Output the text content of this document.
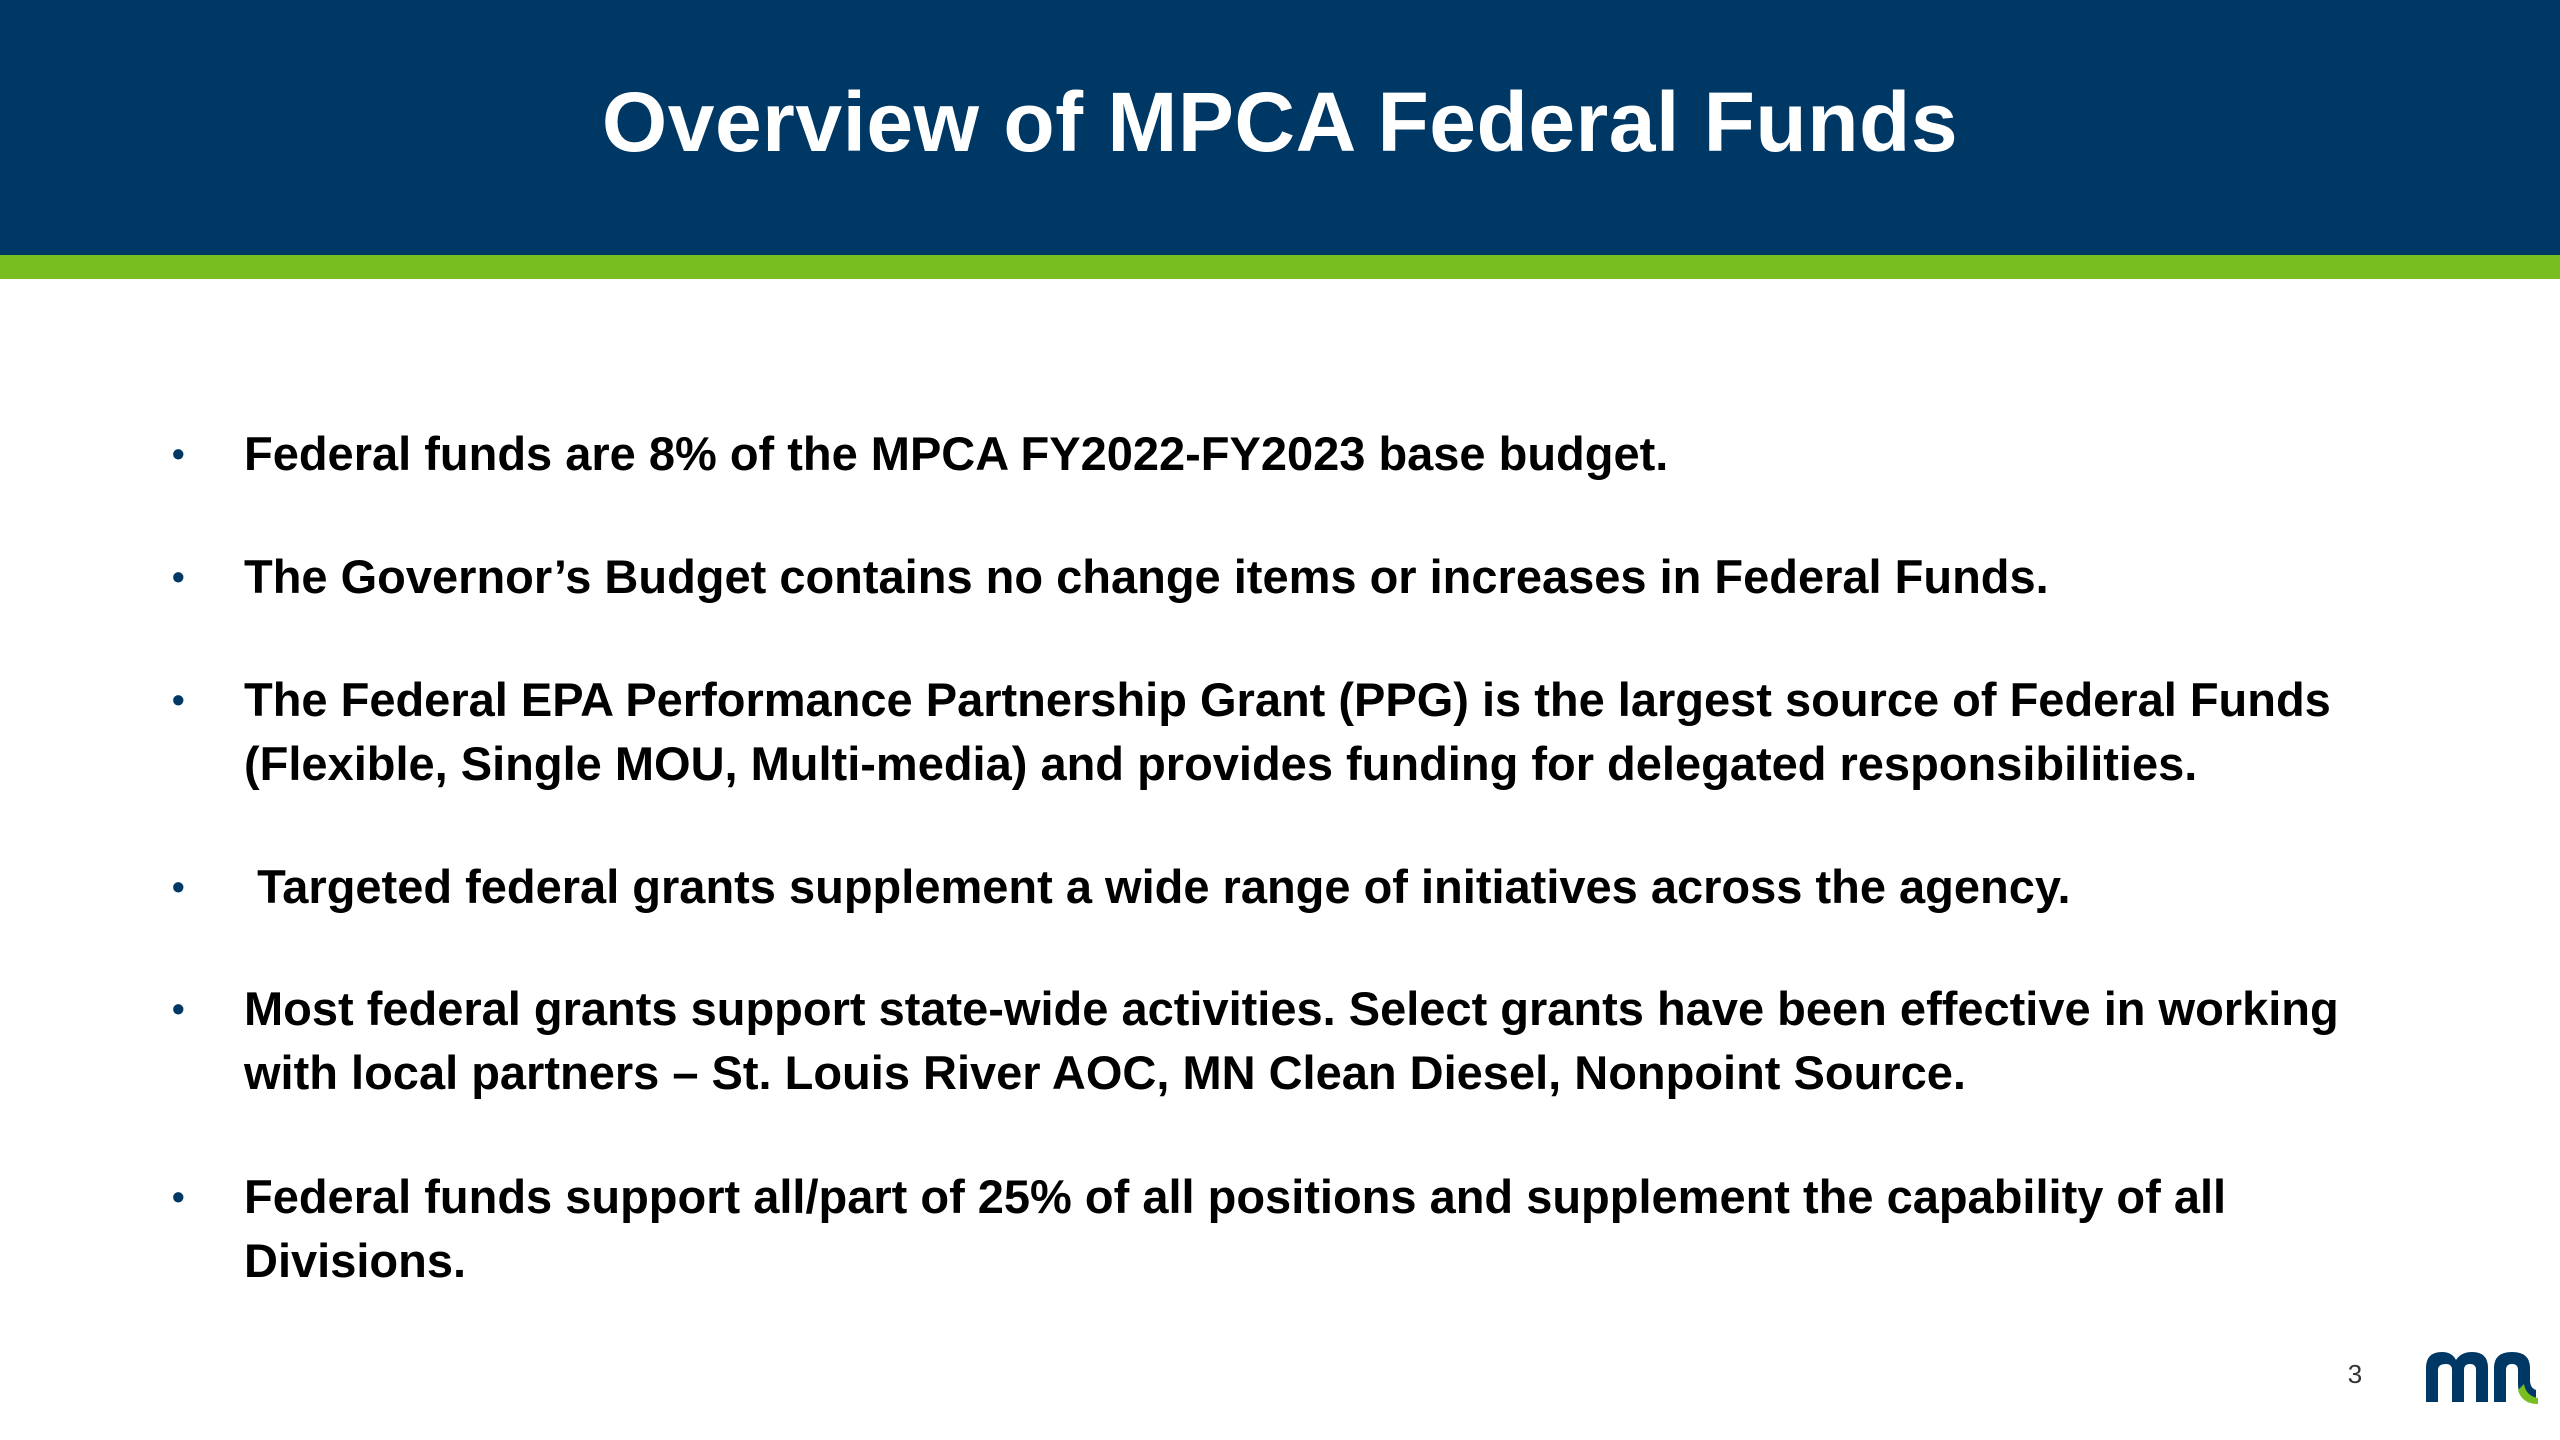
Overview of MPCA Federal Funds
•	Federal funds are 8% of the MPCA FY2022-FY2023 base budget.
•	The Governor’s Budget contains no change items or increases in Federal Funds.
•	The Federal EPA Performance Partnership Grant (PPG) is the largest source of Federal Funds (Flexible, Single MOU, Multi-media) and provides funding for delegated responsibilities.
•	Targeted federal grants supplement a wide range of initiatives across the agency.
•	Most federal grants support state-wide activities. Select grants have been effective in working with local partners – St. Louis River AOC, MN Clean Diesel, Nonpoint Source.
•	Federal funds support all/part of 25% of all positions and supplement the capability of all Divisions.
3
